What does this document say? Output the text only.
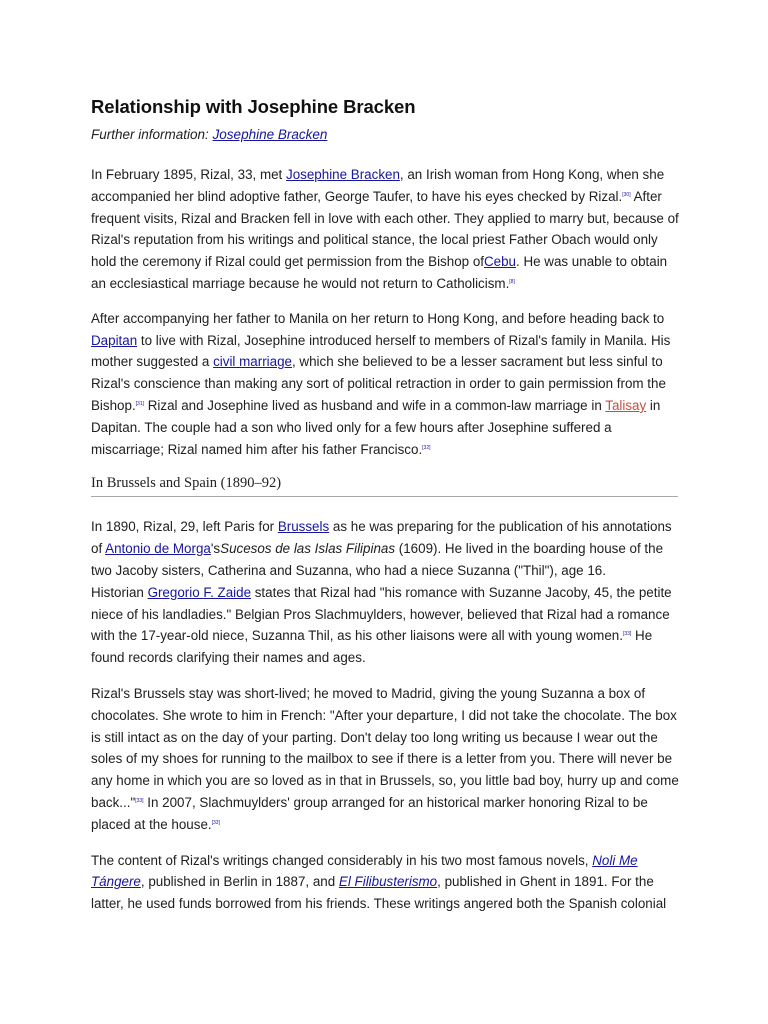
Relationship with Josephine Bracken
Further information: Josephine Bracken

In February 1895, Rizal, 33, met Josephine Bracken, an Irish woman from Hong Kong, when she accompanied her blind adoptive father, George Taufer, to have his eyes checked by Rizal.[30] After frequent visits, Rizal and Bracken fell in love with each other. They applied to marry but, because of Rizal's reputation from his writings and political stance, the local priest Father Obach would only hold the ceremony if Rizal could get permission from the Bishop ofCebu. He was unable to obtain an ecclesiastical marriage because he would not return to Catholicism.[8]

After accompanying her father to Manila on her return to Hong Kong, and before heading back to Dapitan to live with Rizal, Josephine introduced herself to members of Rizal's family in Manila. His mother suggested a civil marriage, which she believed to be a lesser sacrament but less sinful to Rizal's conscience than making any sort of political retraction in order to gain permission from the Bishop.[31] Rizal and Josephine lived as husband and wife in a common-law marriage in Talisay in Dapitan. The couple had a son who lived only for a few hours after Josephine suffered a miscarriage; Rizal named him after his father Francisco.[32]

In Brussels and Spain (1890–92)

In 1890, Rizal, 29, left Paris for Brussels as he was preparing for the publication of his annotations of Antonio de Morga'sSucesos de las Islas Filipinas (1609). He lived in the boarding house of the two Jacoby sisters, Catherina and Suzanna, who had a niece Suzanna ("Thil"), age 16.
Historian Gregorio F. Zaide states that Rizal had "his romance with Suzanne Jacoby, 45, the petite niece of his landladies." Belgian Pros Slachmuylders, however, believed that Rizal had a romance with the 17-year-old niece, Suzanna Thil, as his other liaisons were all with young women.[33] He found records clarifying their names and ages.

Rizal's Brussels stay was short-lived; he moved to Madrid, giving the young Suzanna a box of chocolates. She wrote to him in French: "After your departure, I did not take the chocolate. The box is still intact as on the day of your parting. Don't delay too long writing us because I wear out the soles of my shoes for running to the mailbox to see if there is a letter from you. There will never be any home in which you are so loved as in that in Brussels, so, you little bad boy, hurry up and come back..."[33] In 2007, Slachmuylders' group arranged for an historical marker honoring Rizal to be placed at the house.[33]

The content of Rizal's writings changed considerably in his two most famous novels, Noli Me Tángere, published in Berlin in 1887, and El Filibusterismo, published in Ghent in 1891. For the latter, he used funds borrowed from his friends. These writings angered both the Spanish colonial
